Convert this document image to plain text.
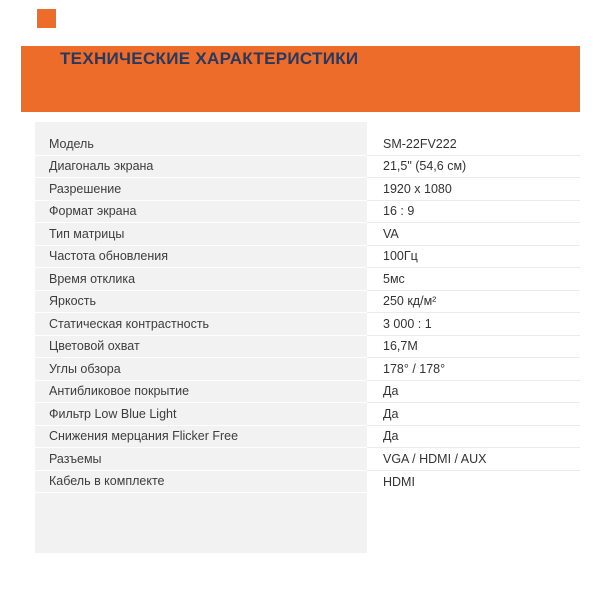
ТЕХНИЧЕСКИЕ ХАРАКТЕРИСТИКИ
Модель	SM-22FV222
Диагональ экрана	21,5" (54,6 см)
Разрешение	1920 x 1080
Формат экрана	16 : 9
Тип матрицы	VA
Частота обновления	100Гц
Время отклика	5мс
Яркость	250 кд/м²
Статическая контрастность	3 000 : 1
Цветовой охват	16,7M
Углы обзора	178° / 178°
Антибликовое покрытие	Да
Фильтр Low Blue Light	Да
Снижения мерцания Flicker Free	Да
Разъемы	VGA / HDMI / AUX
Кабель в комплекте	HDMI
